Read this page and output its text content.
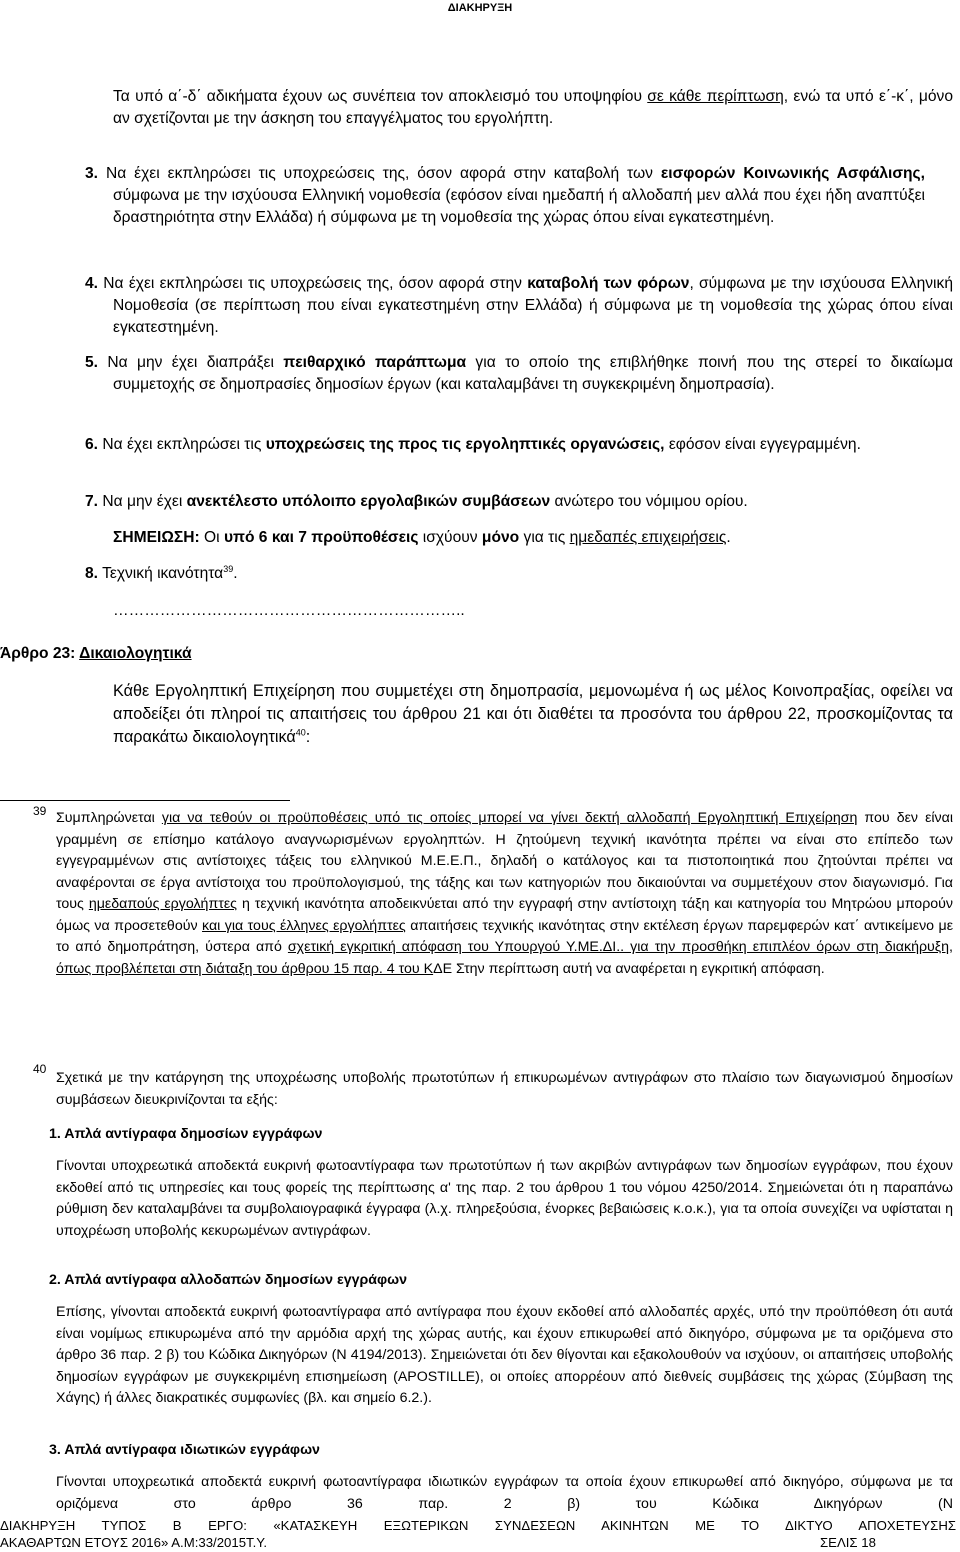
ΔΙΑΚΗΡΥΞΗ
Τα υπό α΄-δ΄ αδικήματα έχουν ως συνέπεια τον αποκλεισμό του υποψηφίου σε κάθε περίπτωση, ενώ τα υπό ε΄-κ΄, μόνο αν σχετίζονται με την άσκηση του επαγγέλματος του εργολήπτη.
3. Να έχει εκπληρώσει τις υποχρεώσεις της, όσον αφορά στην καταβολή των εισφορών Κοινωνικής Ασφάλισης, σύμφωνα με την ισχύουσα Ελληνική νομοθεσία (εφόσον είναι ημεδαπή ή αλλοδαπή μεν αλλά που έχει ήδη αναπτύξει δραστηριότητα στην Ελλάδα) ή σύμφωνα με τη νομοθεσία της χώρας όπου είναι εγκατεστημένη.
4. Να έχει εκπληρώσει τις υποχρεώσεις της, όσον αφορά στην καταβολή των φόρων, σύμφωνα με την ισχύουσα Ελληνική Νομοθεσία (σε περίπτωση που είναι εγκατεστημένη στην Ελλάδα) ή σύμφωνα με τη νομοθεσία της χώρας όπου είναι εγκατεστημένη.
5. Να μην έχει διαπράξει πειθαρχικό παράπτωμα για το οποίο της επιβλήθηκε ποινή που της στερεί το δικαίωμα συμμετοχής σε δημοπρασίες δημοσίων έργων (και καταλαμβάνει τη συγκεκριμένη δημοπρασία).
6. Να έχει εκπληρώσει τις υποχρεώσεις της προς τις εργοληπτικές οργανώσεις, εφόσον είναι εγγεγραμμένη.
7. Να μην έχει ανεκτέλεστο υπόλοιπο εργολαβικών συμβάσεων ανώτερο του νόμιμου ορίου.
ΣΗΜΕΙΩΣΗ: Οι υπό 6 και 7 προϋποθέσεις ισχύουν μόνο για τις ημεδαπές επιχειρήσεις.
8. Τεχνική ικανότητα$^{39}$.
…………………………………………………………..
Άρθρο 23: Δικαιολογητικά
Κάθε Εργοληπτική Επιχείρηση που συμμετέχει στη δημοπρασία, μεμονωμένα ή ως μέλος Κοινοπραξίας, οφείλει να αποδείξει ότι πληροί τις απαιτήσεις του άρθρου 21 και ότι διαθέτει τα προσόντα του άρθρου 22, προσκομίζοντας τα παρακάτω δικαιολογητικά$^{40}$:
39 Συμπληρώνεται για να τεθούν οι προϋποθέσεις υπό τις οποίες μπορεί να γίνει δεκτή αλλοδαπή Εργοληπτική Επιχείρηση που δεν είναι γραμμένη σε επίσημο κατάλογο αναγνωρισμένων εργοληπτών. Η ζητούμενη τεχνική ικανότητα πρέπει να είναι στο επίπεδο των εγγεγραμμένων στις αντίστοιχες τάξεις του ελληνικού Μ.Ε.Ε.Π., δηλαδή ο κατάλογος και τα πιστοποιητικά που ζητούνται πρέπει να αναφέρονται σε έργα αντίστοιχα του προϋπολογισμού, της τάξης και των κατηγοριών που δικαιούνται να συμμετέχουν στον διαγωνισμό. Για τους ημεδαπούς εργολήπτες η τεχνική ικανότητα αποδεικνύεται από την εγγραφή στην αντίστοιχη τάξη και κατηγορία του Μητρώου μπορούν όμως να προσετεθούν και για τους έλληνες εργολήπτες απαιτήσεις τεχνικής ικανότητας στην εκτέλεση έργων παρεμφερών κατ΄ αντικείμενο με το από δημοπράτηση, ύστερα από σχετική εγκριτική απόφαση του Υπουργού Υ.ΜΕ.ΔΙ.. για την προσθήκη επιπλέον όρων στη διακήρυξη, όπως προβλέπεται στη διάταξη του άρθρου 15 παρ. 4 του ΚΔΕ Στην περίπτωση αυτή να αναφέρεται η εγκριτική απόφαση.
40
Σχετικά με την κατάργηση της υποχρέωσης υποβολής πρωτοτύπων ή επικυρωμένων αντιγράφων στο πλαίσιο των διαγωνισμού δημοσίων συμβάσεων διευκρινίζονται τα εξής:
1. Απλά αντίγραφα δημοσίων εγγράφων
Γίνονται υποχρεωτικά αποδεκτά ευκρινή φωτοαντίγραφα των πρωτοτύπων ή των ακριβών αντιγράφων των δημοσίων εγγράφων, που έχουν εκδοθεί από τις υπηρεσίες και τους φορείς της περίπτωσης α' της παρ. 2 του άρθρου 1 του νόμου 4250/2014. Σημειώνεται ότι η παραπάνω ρύθμιση δεν καταλαμβάνει τα συμβολαιογραφικά έγγραφα (λ.χ. πληρεξούσια, ένορκες βεβαιώσεις κ.ο.κ.), για τα οποία συνεχίζει να υφίσταται η υποχρέωση υποβολής κεκυρωμένων αντιγράφων.
2. Απλά αντίγραφα αλλοδαπών δημοσίων εγγράφων
Επίσης, γίνονται αποδεκτά ευκρινή φωτοαντίγραφα από αντίγραφα που έχουν εκδοθεί από αλλοδαπές αρχές, υπό την προϋπόθεση ότι αυτά είναι νομίμως επικυρωμένα από την αρμόδια αρχή της χώρας αυτής, και έχουν επικυρωθεί από δικηγόρο, σύμφωνα με τα οριζόμενα στο άρθρο 36 παρ. 2 β) του Κώδικα Δικηγόρων (Ν 4194/2013). Σημειώνεται ότι δεν θίγονται και εξακολουθούν να ισχύουν, οι απαιτήσεις υποβολής δημοσίων εγγράφων με συγκεκριμένη επισημείωση (APOSTILLE), οι οποίες απορρέουν από διεθνείς συμβάσεις της χώρας (Σύμβαση της Χάγης) ή άλλες διακρατικές συμφωνίες (βλ. και σημείο 6.2.).
3. Απλά αντίγραφα ιδιωτικών εγγράφων
Γίνονται υποχρεωτικά αποδεκτά ευκρινή φωτοαντίγραφα ιδιωτικών εγγράφων τα οποία έχουν επικυρωθεί από δικηγόρο, σύμφωνα με τα οριζόμενα στο άρθρο 36 παρ. 2 β) του Κώδικα Δικηγόρων (Ν
ΔΙΑΚΗΡΥΞΗ ΤΥΠΟΣ Β ΕΡΓΟ: «ΚΑΤΑΣΚΕΥΗ ΕΞΩΤΕΡΙΚΩΝ ΣΥΝΔΕΣΕΩΝ ΑΚΙΝΗΤΩΝ ΜΕ ΤΟ ΔΙΚΤΥΟ ΑΠΟΧΕΤΕΥΣΗΣ
ΑΚΑΘΑΡΤΩΝ ΕΤΟΥΣ 2016» Α.Μ:33/2015Τ.Υ.	ΣΕΛΙΣ 18
